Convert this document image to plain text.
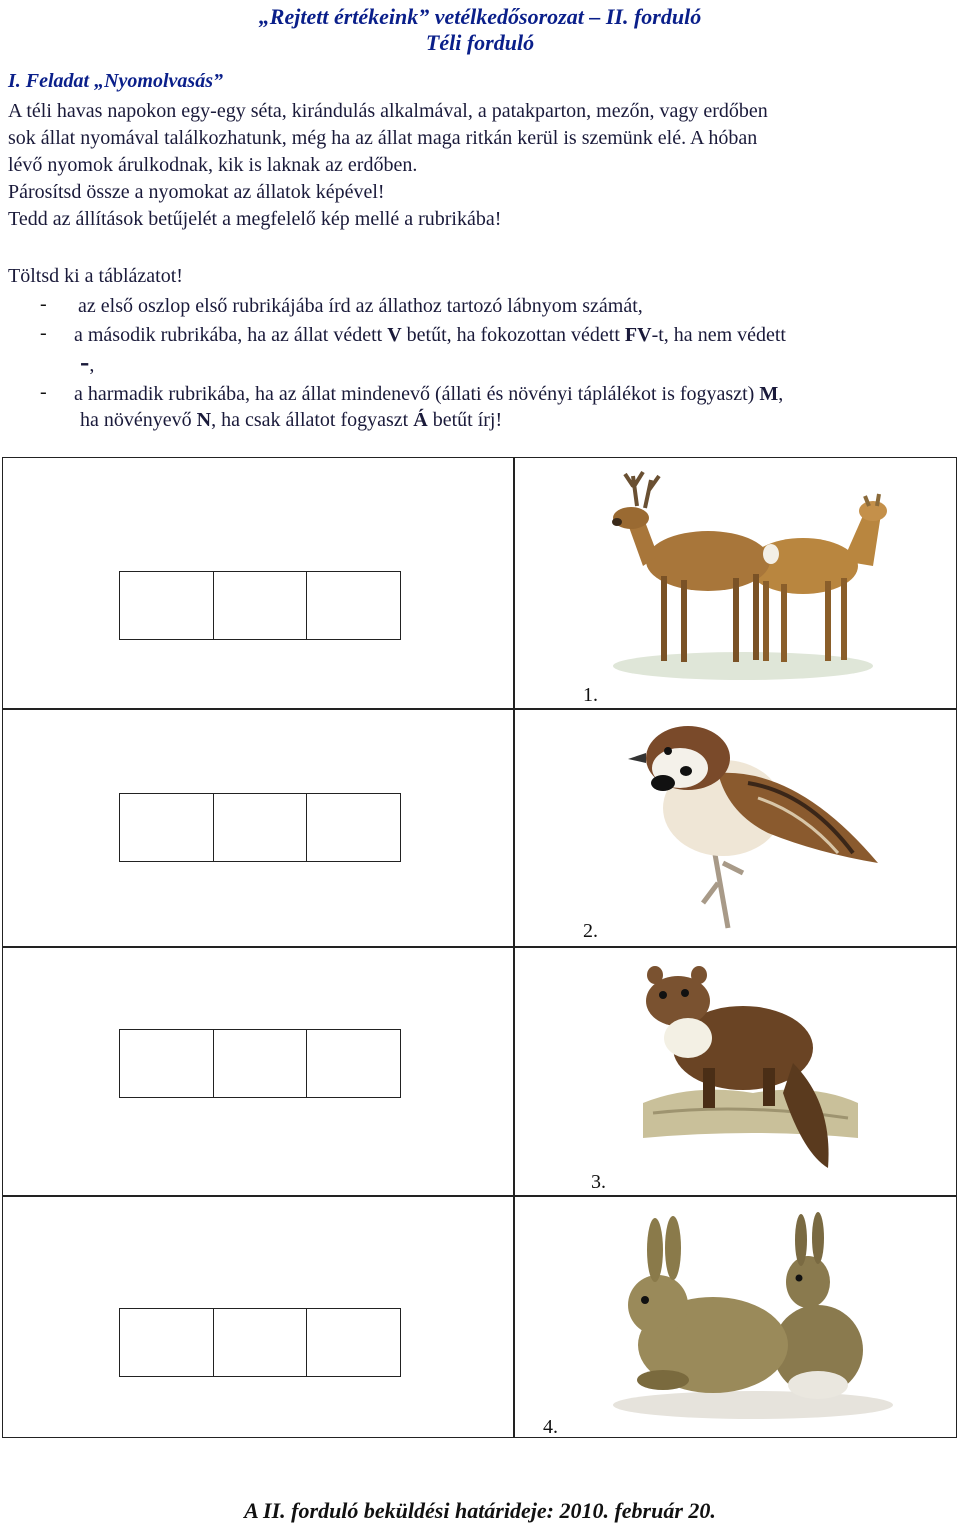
„Rejtett értékeink” vetélkedősorozat – II. forduló
Téli forduló
I. Feladat „Nyomolvasás”
A téli havas napokon egy-egy séta, kirándulás alkalmával, a patakparton, mezőn, vagy erdőben
sok állat nyomával találkozhatunk, még ha az állat maga ritkán kerül is szemünk elé. A hóban
lévő nyomok árulkodnak, kik is laknak az erdőben.
Párosítsd össze a nyomokat az állatok képével!
Tedd az állítások betűjelét a megfelelő kép mellé a rubrikába!
Töltsd ki a táblázatot!
- az első oszlop első rubrikájába írd az állathoz tartozó lábnyom számát,
- a második rubrikába, ha az állat védett V betűt, ha fokozottan védett FV-t, ha nem védett
-,
- a harmadik rubrikába, ha az állat mindenevő (állati és növényi táplálékot is fogyaszt) M,
ha növényevő N, ha csak állatot fogyaszt Á betűt írj!
1.
2.
3.
4.
A II. forduló beküldési határideje: 2010. február 20.
